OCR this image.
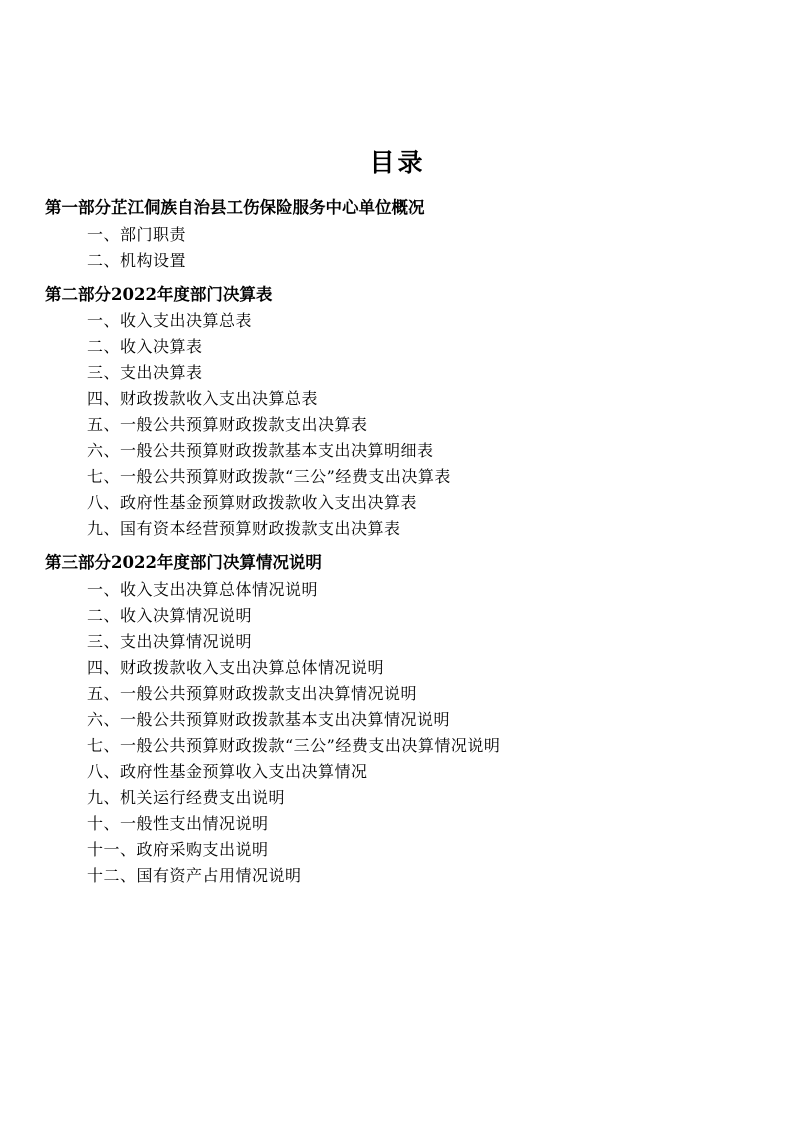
目录
第一部分芷江侗族自治县工伤保险服务中心单位概况
一、部门职责
二、机构设置
第二部分2022年度部门决算表
一、收入支出决算总表
二、收入决算表
三、支出决算表
四、财政拨款收入支出决算总表
五、一般公共预算财政拨款支出决算表
六、一般公共预算财政拨款基本支出决算明细表
七、一般公共预算财政拨款“三公”经费支出决算表
八、政府性基金预算财政拨款收入支出决算表
九、国有资本经营预算财政拨款支出决算表
第三部分2022年度部门决算情况说明
一、收入支出决算总体情况说明
二、收入决算情况说明
三、支出决算情况说明
四、财政拨款收入支出决算总体情况说明
五、一般公共预算财政拨款支出决算情况说明
六、一般公共预算财政拨款基本支出决算情况说明
七、一般公共预算财政拨款“三公”经费支出决算情况说明
八、政府性基金预算收入支出决算情况
九、机关运行经费支出说明
十、一般性支出情况说明
十一、政府采购支出说明
十二、国有资产占用情况说明
